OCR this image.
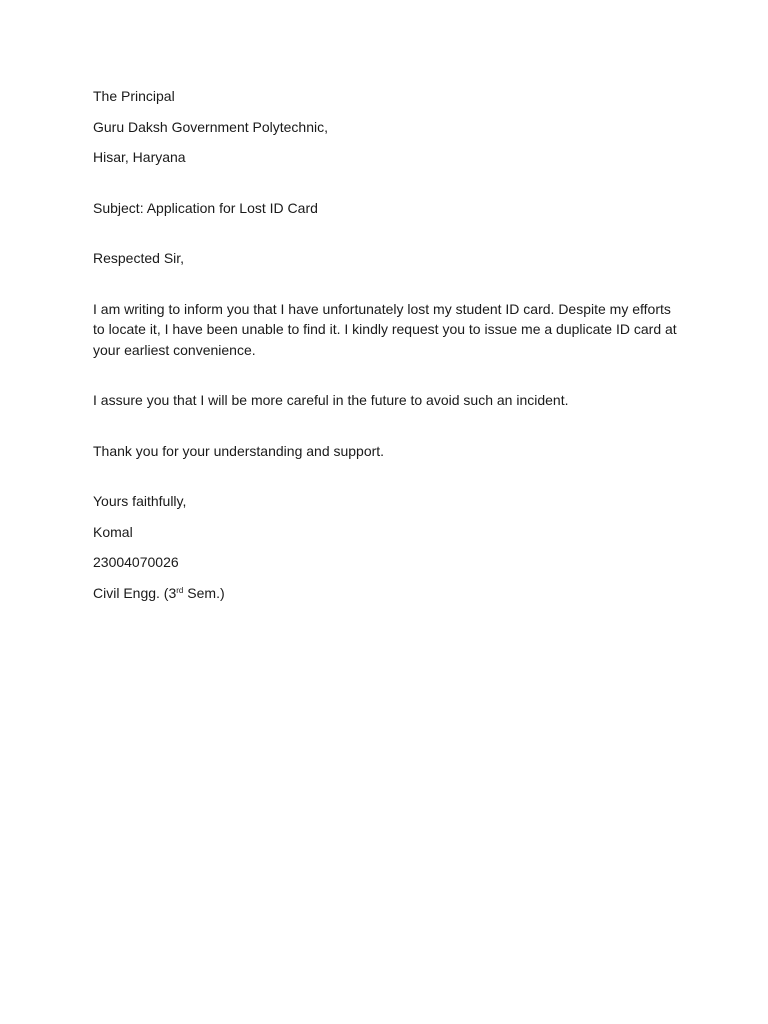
The Principal
Guru Daksh Government Polytechnic,
Hisar, Haryana
Subject: Application for Lost ID Card
Respected Sir,
I am writing to inform you that I have unfortunately lost my student ID card. Despite my efforts to locate it, I have been unable to find it. I kindly request you to issue me a duplicate ID card at your earliest convenience.
I assure you that I will be more careful in the future to avoid such an incident.
Thank you for your understanding and support.
Yours faithfully,
Komal
23004070026
Civil Engg. (3rd Sem.)
